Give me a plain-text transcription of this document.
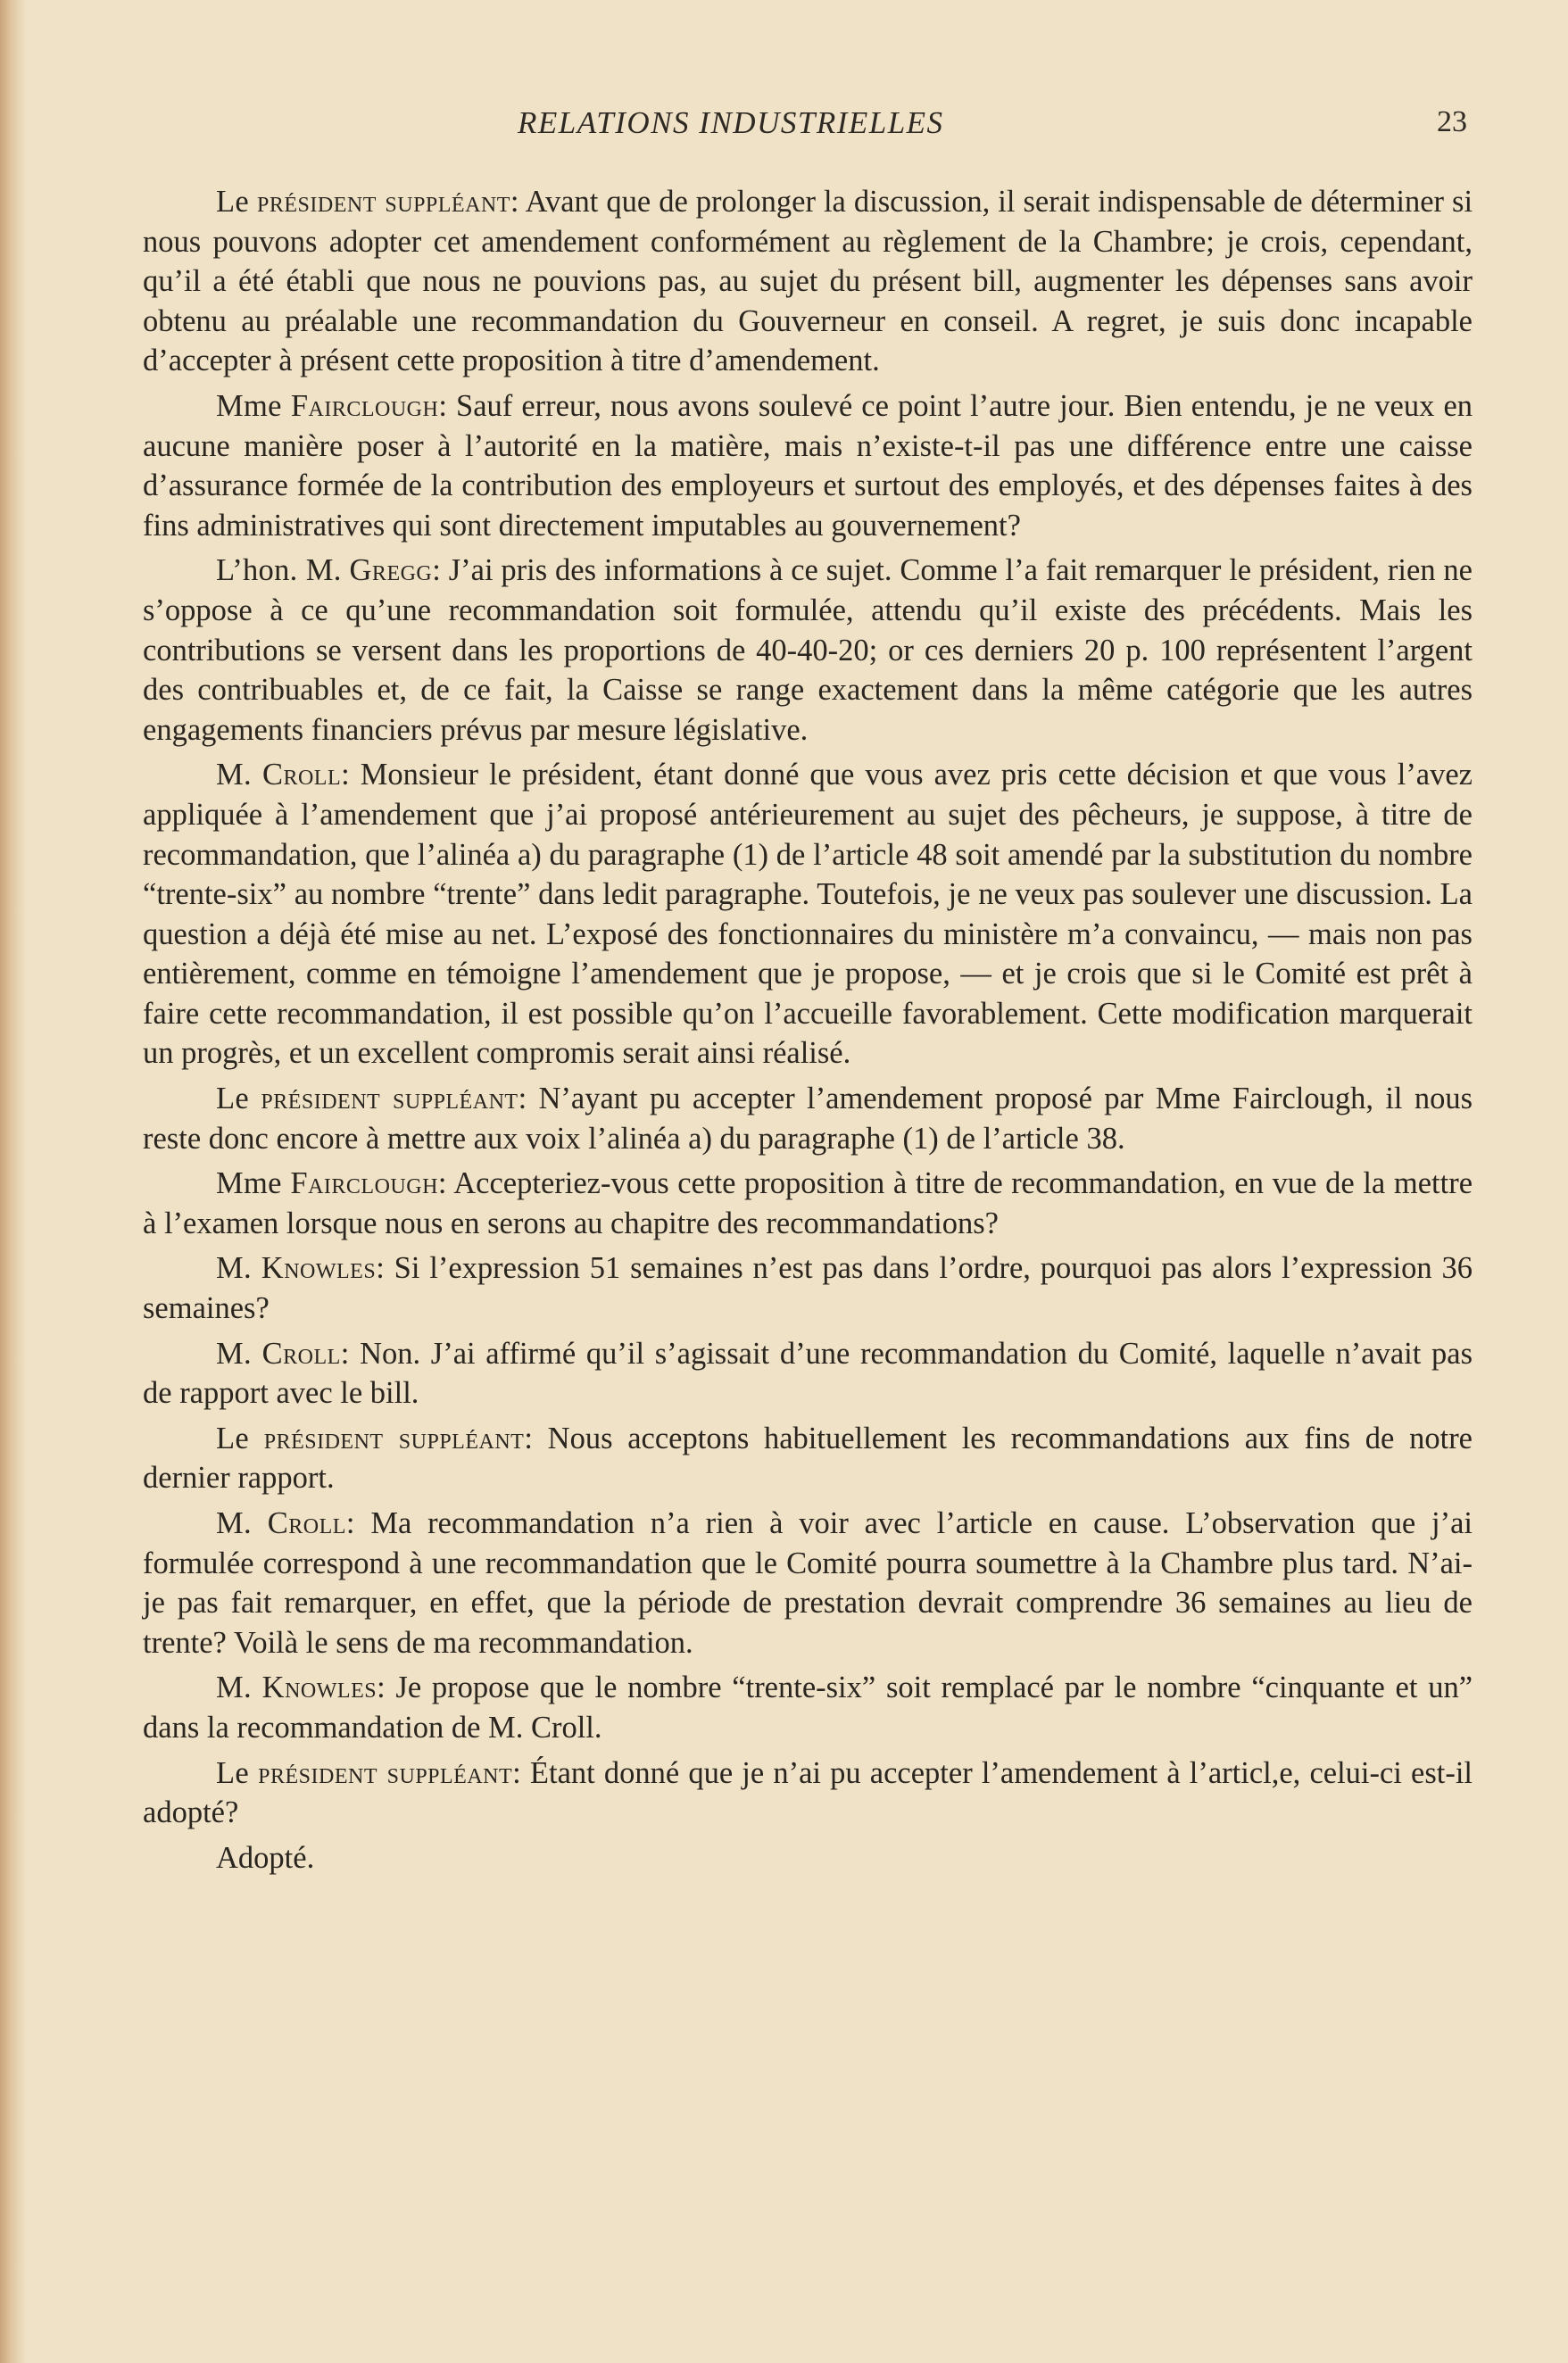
RELATIONS INDUSTRIELLES	23

Le président suppléant: Avant que de prolonger la discussion, il serait indispensable de déterminer si nous pouvons adopter cet amendement conformément au règlement de la Chambre; je crois, cependant, qu’il a été établi que nous ne pouvions pas, au sujet du présent bill, augmenter les dépenses sans avoir obtenu au préalable une recommandation du Gouverneur en conseil. A regret, je suis donc incapable d’accepter à présent cette proposition à titre d’amendement.

Mme Fairclough: Sauf erreur, nous avons soulevé ce point l’autre jour. Bien entendu, je ne veux en aucune manière poser à l’autorité en la matière, mais n’existe-t-il pas une différence entre une caisse d’assurance formée de la contribution des employeurs et surtout des employés, et des dépenses faites à des fins administratives qui sont directement imputables au gouvernement?

L’hon. M. Gregg: J’ai pris des informations à ce sujet. Comme l’a fait remarquer le président, rien ne s’oppose à ce qu’une recommandation soit formulée, attendu qu’il existe des précédents. Mais les contributions se versent dans les proportions de 40-40-20; or ces derniers 20 p. 100 représentent l’argent des contribuables et, de ce fait, la Caisse se range exactement dans la même catégorie que les autres engagements financiers prévus par mesure législative.

M. Croll: Monsieur le président, étant donné que vous avez pris cette décision et que vous l’avez appliquée à l’amendement que j’ai proposé antérieurement au sujet des pêcheurs, je suppose, à titre de recommandation, que l’alinéa a) du paragraphe (1) de l’article 48 soit amendé par la substitution du nombre “trente-six” au nombre “trente” dans ledit paragraphe. Toutefois, je ne veux pas soulever une discussion. La question a déjà été mise au net. L’exposé des fonctionnaires du ministère m’a convaincu, — mais non pas entièrement, comme en témoigne l’amendement que je propose, — et je crois que si le Comité est prêt à faire cette recommandation, il est possible qu’on l’accueille favorablement. Cette modification marquerait un progrès, et un excellent compromis serait ainsi réalisé.

Le président suppléant: N’ayant pu accepter l’amendement proposé par Mme Fairclough, il nous reste donc encore à mettre aux voix l’alinéa a) du paragraphe (1) de l’article 38.

Mme Fairclough: Accepteriez-vous cette proposition à titre de recommandation, en vue de la mettre à l’examen lorsque nous en serons au chapitre des recommandations?

M. Knowles: Si l’expression 51 semaines n’est pas dans l’ordre, pourquoi pas alors l’expression 36 semaines?

M. Croll: Non. J’ai affirmé qu’il s’agissait d’une recommandation du Comité, laquelle n’avait pas de rapport avec le bill.

Le président suppléant: Nous acceptons habituellement les recommandations aux fins de notre dernier rapport.

M. Croll: Ma recommandation n’a rien à voir avec l’article en cause. L’observation que j’ai formulée correspond à une recommandation que le Comité pourra soumettre à la Chambre plus tard. N’ai-je pas fait remarquer, en effet, que la période de prestation devrait comprendre 36 semaines au lieu de trente? Voilà le sens de ma recommandation.

M. Knowles: Je propose que le nombre “trente-six” soit remplacé par le nombre “cinquante et un” dans la recommandation de M. Croll.

Le président suppléant: Étant donné que je n’ai pu accepter l’amendement à l’articl,e, celui-ci est-il adopté?

Adopté.
